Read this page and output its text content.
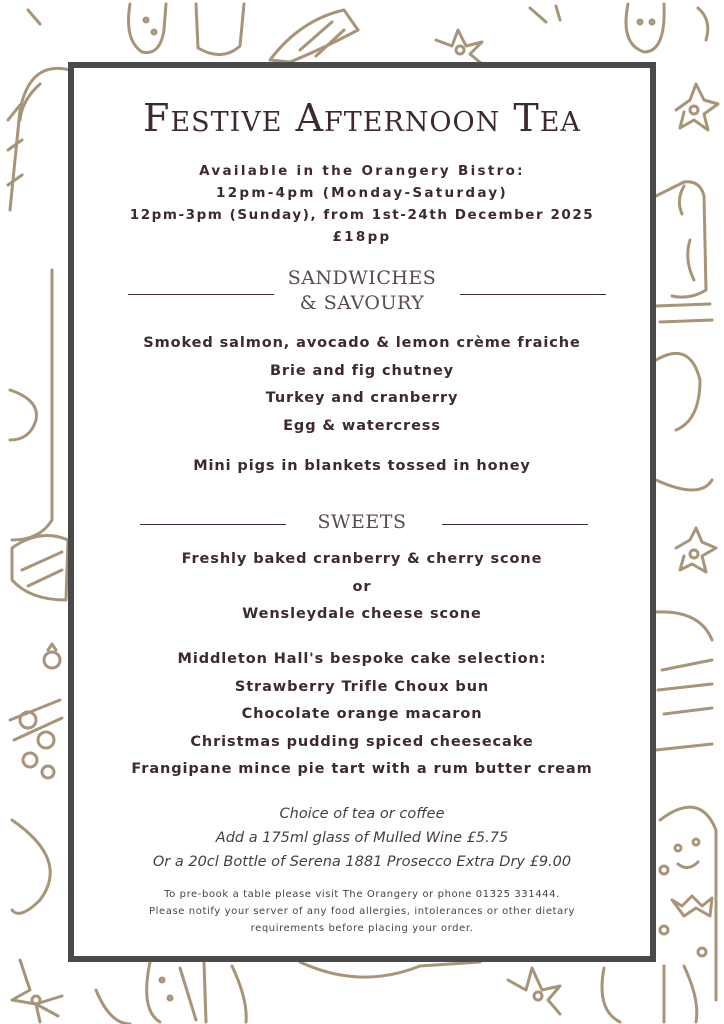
Festive Afternoon Tea
Available in the Orangery Bistro:
12pm-4pm (Monday-Saturday)
12pm-3pm (Sunday), from 1st-24th December 2025
£18pp
SANDWICHES
& SAVOURY
Smoked salmon, avocado & lemon crème fraiche
Brie and fig chutney
Turkey and cranberry
Egg & watercress
Mini pigs in blankets tossed in honey
SWEETS
Freshly baked cranberry & cherry scone
or
Wensleydale cheese scone
Middleton Hall's bespoke cake selection:
Strawberry Trifle Choux bun
Chocolate orange macaron
Christmas pudding spiced cheesecake
Frangipane mince pie tart with a rum butter cream
Choice of tea or coffee
Add a 175ml glass of Mulled Wine £5.75
Or a 20cl Bottle of Serena 1881 Prosecco Extra Dry £9.00
To pre-book a table please visit The Orangery or phone 01325 331444.
Please notify your server of any food allergies, intolerances or other dietary
requirements before placing your order.
